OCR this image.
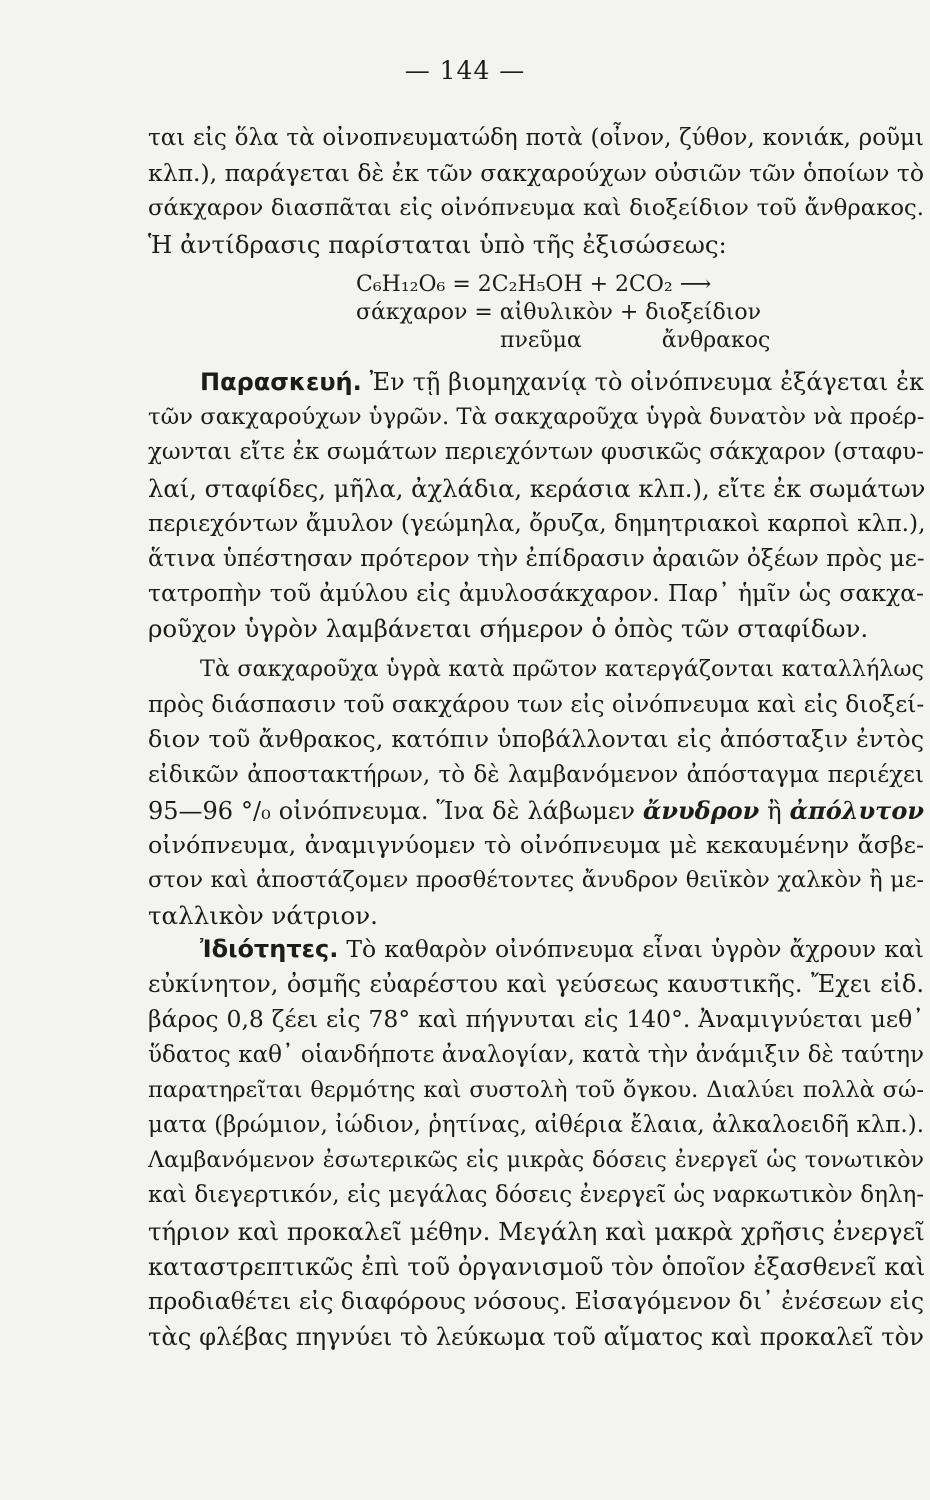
— 144 —
ται εἰς ὅλα τὰ οἰνοπνευματώδη ποτὰ (οἶνον, ζύθον, κονιάκ, ροῦμι
κλπ.), παράγεται δὲ ἐκ τῶν σακχαρούχων οὐσιῶν τῶν ὁποίων τὸ
σάκχαρον διασπᾶται εἰς οἰνόπνευμα καὶ διοξείδιον τοῦ ἄνθρακος.
Ἡ ἀντίδρασις παρίσταται ὑπὸ τῆς ἐξισώσεως:
C₆H₁₂O₆ = 2C₂H₅OH + 2CO₂ ⟶
σάκχαρον = αἰθυλικὸν + διοξείδιον
πνεῦμα	ἄνθρακος
Παρασκευή. Ἐν τῇ βιομηχανίᾳ τὸ οἰνόπνευμα ἐξάγεται ἐκ
τῶν σακχαρούχων ὑγρῶν. Τὰ σακχαροῦχα ὑγρὰ δυνατὸν νὰ προέρ-
χωνται εἴτε ἐκ σωμάτων περιεχόντων φυσικῶς σάκχαρον (σταφυ-
λαί, σταφίδες, μῆλα, ἀχλάδια, κεράσια κλπ.), εἴτε ἐκ σωμάτων
περιεχόντων ἄμυλον (γεώμηλα, ὄρυζα, δημητριακοὶ καρποὶ κλπ.),
ἅτινα ὑπέστησαν πρότερον τὴν ἐπίδρασιν ἀραιῶν ὀξέων πρὸς με-
τατροπὴν τοῦ ἀμύλου εἰς ἀμυλοσάκχαρον. Παρ᾽ ἡμῖν ὡς σακχα-
ροῦχον ὑγρὸν λαμβάνεται σήμερον ὁ ὀπὸς τῶν σταφίδων.
Τὰ σακχαροῦχα ὑγρὰ κατὰ πρῶτον κατεργάζονται καταλλήλως
πρὸς διάσπασιν τοῦ σακχάρου των εἰς οἰνόπνευμα καὶ εἰς διοξεί-
διον τοῦ ἄνθρακος, κατόπιν ὑποβάλλονται εἰς ἀπόσταξιν ἐντὸς
εἰδικῶν ἀποστακτήρων, τὸ δὲ λαμβανόμενον ἀπόσταγμα περιέχει
95—96 °/₀ οἰνόπνευμα. Ἵνα δὲ λάβωμεν ἄνυδρον ἢ ἀπόλυτον
οἰνόπνευμα, ἀναμιγνύομεν τὸ οἰνόπνευμα μὲ κεκαυμένην ἄσβε-
στον καὶ ἀποστάζομεν προσθέτοντες ἄνυδρον θειϊκὸν χαλκὸν ἢ με-
ταλλικὸν νάτριον.
Ἰδιότητες. Τὸ καθαρὸν οἰνόπνευμα εἶναι ὑγρὸν ἄχρουν καὶ
εὐκίνητον, ὀσμῆς εὐαρέστου καὶ γεύσεως καυστικῆς. Ἔχει εἰδ.
βάρος 0,8 ζέει εἰς 78° καὶ πήγνυται εἰς 140°. Ἀναμιγνύεται μεθ᾽
ὕδατος καθ᾽ οἱανδήποτε ἀναλογίαν, κατὰ τὴν ἀνάμιξιν δὲ ταύτην
παρατηρεῖται θερμότης καὶ συστολὴ τοῦ ὄγκου. Διαλύει πολλὰ σώ-
ματα (βρώμιον, ἰώδιον, ῥητίνας, αἰθέρια ἔλαια, ἀλκαλοειδῆ κλπ.).
Λαμβανόμενον ἐσωτερικῶς εἰς μικρὰς δόσεις ἐνεργεῖ ὡς τονωτικὸν
καὶ διεγερτικόν, εἰς μεγάλας δόσεις ἐνεργεῖ ὡς ναρκωτικὸν δηλη-
τήριον καὶ προκαλεῖ μέθην. Μεγάλη καὶ μακρὰ χρῆσις ἐνεργεῖ
καταστρεπτικῶς ἐπὶ τοῦ ὀργανισμοῦ τὸν ὁποῖον ἐξασθενεῖ καὶ
προδιαθέτει εἰς διαφόρους νόσους. Εἰσαγόμενον δι᾽ ἐνέσεων εἰς
τὰς φλέβας πηγνύει τὸ λεύκωμα τοῦ αἵματος καὶ προκαλεῖ τὸν
